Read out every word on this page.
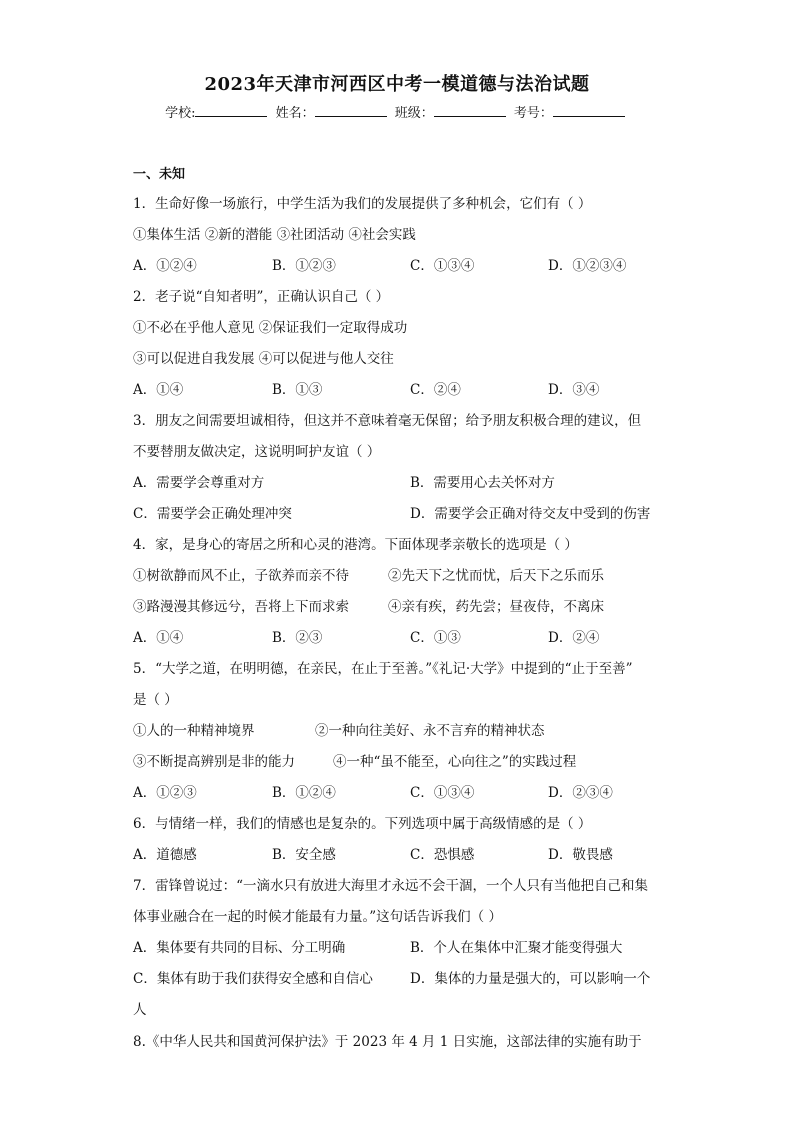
2023年天津市河西区中考一模道德与法治试题
学校:	姓名：	班级：	考号：
一、未知
1．生命好像一场旅行，中学生活为我们的发展提供了多种机会，它们有（ ）
①集体生活 ②新的潜能 ③社团活动 ④社会实践
A．①②④	B．①②③	C．①③④	D．①②③④
2．老子说“自知者明”，正确认识自己（ ）
①不必在乎他人意见 ②保证我们一定取得成功
③可以促进自我发展 ④可以促进与他人交往
A．①④	B．①③	C．②④	D．③④
3．朋友之间需要坦诚相待，但这并不意味着毫无保留；给予朋友积极合理的建议，但
不要替朋友做决定，这说明呵护友谊（ ）
A．需要学会尊重对方	B．需要用心去关怀对方
C．需要学会正确处理冲突	D．需要学会正确对待交友中受到的伤害
4．家，是身心的寄居之所和心灵的港湾。下面体现孝亲敬长的选项是（ ）
①树欲静而风不止，子欲养而亲不待	②先天下之忧而忧，后天下之乐而乐
③路漫漫其修远兮，吾将上下而求索	④亲有疾，药先尝；昼夜侍，不离床
A．①④	B．②③	C．①③	D．②④
5．“大学之道，在明明德，在亲民，在止于至善。”《礼记·大学》中提到的“止于至善”
是（ ）
①人的一种精神境界	②一种向往美好、永不言弃的精神状态
③不断提高辨别是非的能力	④一种“虽不能至，心向往之”的实践过程
A．①②③	B．①②④	C．①③④	D．②③④
6．与情绪一样，我们的情感也是复杂的。下列选项中属于高级情感的是（ ）
A．道德感	B．安全感	C．恐惧感	D．敬畏感
7．雷锋曾说过：“一滴水只有放进大海里才永远不会干涸，一个人只有当他把自己和集
体事业融合在一起的时候才能最有力量。”这句话告诉我们（ ）
A．集体要有共同的目标、分工明确	B．个人在集体中汇聚才能变得强大
C．集体有助于我们获得安全感和自信心	D．集体的力量是强大的，可以影响一个
人
8.《中华人民共和国黄河保护法》于 2023 年 4 月 1 日实施，这部法律的实施有助于
